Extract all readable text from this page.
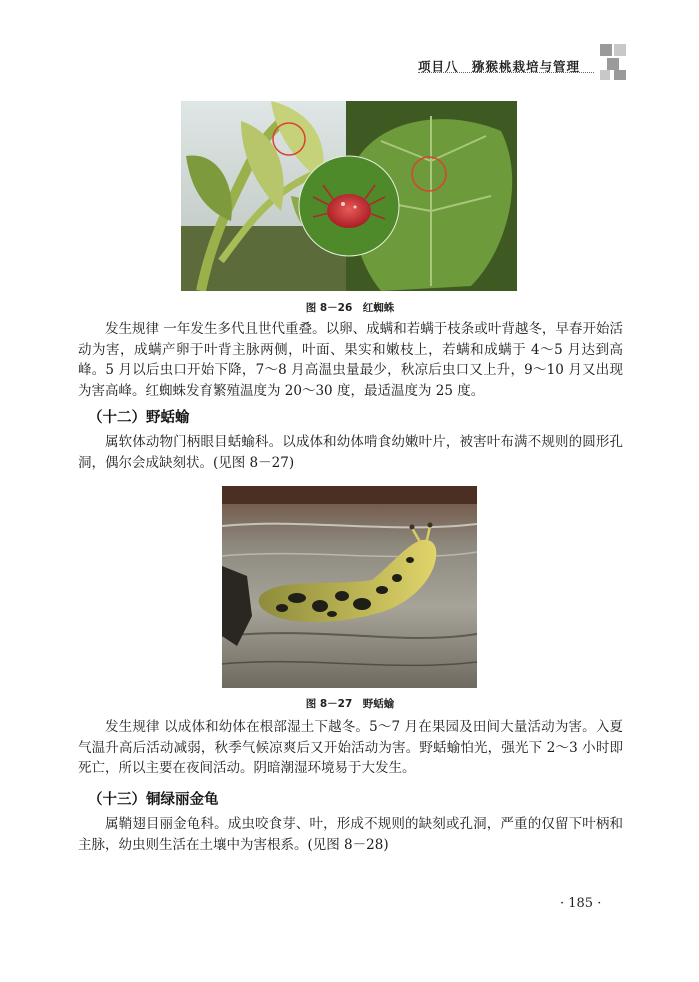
项目八　猕猴桃栽培与管理
图 8－26　红蜘蛛

发生规律 一年发生多代且世代重叠。以卵、成螨和若螨于枝条或叶背越冬，早春开始活动为害，成螨产卵于叶背主脉两侧，叶面、果实和嫩枝上，若螨和成螨于 4～5 月达到高峰。5 月以后虫口开始下降，7～8 月高温虫量最少，秋凉后虫口又上升，9～10 月又出现为害高峰。红蜘蛛发育繁殖温度为 20～30 度，最适温度为 25 度。

（十二）野蛞蝓

属软体动物门柄眼目蛞蝓科。以成体和幼体啃食幼嫩叶片，被害叶布满不规则的圆形孔洞，偶尔会成缺刻状。(见图 8－27)

图 8－27　野蛞蝓

发生规律 以成体和幼体在根部湿土下越冬。5～7 月在果园及田间大量活动为害。入夏气温升高后活动减弱，秋季气候凉爽后又开始活动为害。野蛞蝓怕光，强光下 2～3 小时即死亡，所以主要在夜间活动。阴暗潮湿环境易于大发生。

（十三）铜绿丽金龟

属鞘翅目丽金龟科。成虫咬食芽、叶，形成不规则的缺刻或孔洞，严重的仅留下叶柄和主脉，幼虫则生活在土壤中为害根系。(见图 8－28)

· 185 ·
